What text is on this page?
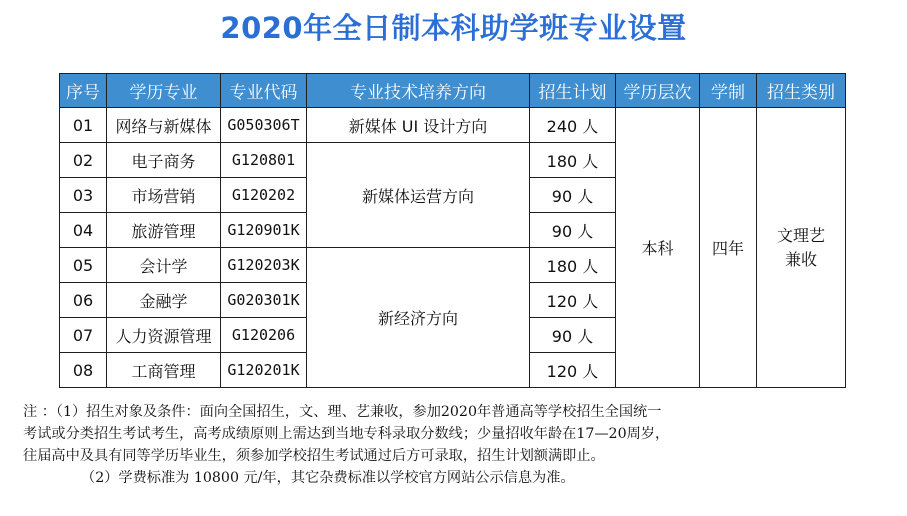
2020年全日制本科助学班专业设置
序号	学历专业	专业代码	专业技术培养方向	招生计划	学历层次	学制	招生类别
01	网络与新媒体	G050306T	新媒体 UI 设计方向	240 人	本科	四年	文理艺兼收
02	电子商务	G120801	新媒体运营方向	180 人			
03	市场营销	G120202		90 人			
04	旅游管理	G120901K		90 人			
05	会计学	G120203K	新经济方向	180 人			
06	金融学	G020301K		120 人			
07	人力资源管理	G120206		90 人			
08	工商管理	G120201K		120 人			

注 ：（1）招生对象及条件：面向全国招生，文、理、艺兼收，参加2020年普通高等学校招生全国统一

考试或分类招生考试考生，高考成绩原则上需达到当地专科录取分数线；少量招收年龄在17—20周岁，

往届高中及具有同等学历毕业生，须参加学校招生考试通过后方可录取，招生计划额满即止。

（2）学费标准为 10800 元/年，其它杂费标准以学校官方网站公示信息为准。
